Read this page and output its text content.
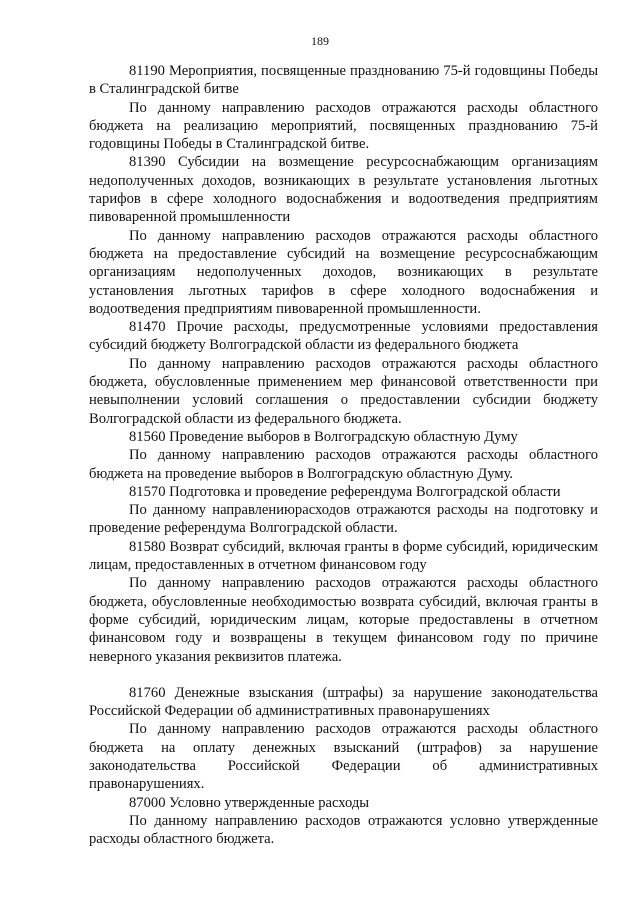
189

81190 Мероприятия, посвященные празднованию 75-й годовщины Победы в Сталинградской битве

По данному направлению расходов отражаются расходы областного бюджета на реализацию мероприятий, посвященных празднованию 75-й годовщины Победы в Сталинградской битве.

81390 Субсидии на возмещение ресурсоснабжающим организациям недополученных доходов, возникающих в результате установления льготных тарифов в сфере холодного водоснабжения и водоотведения предприятиям пивоваренной промышленности

По данному направлению расходов отражаются расходы областного бюджета на предоставление субсидий на возмещение ресурсоснабжающим организациям недополученных доходов, возникающих в результате установления льготных тарифов в сфере холодного водоснабжения и водоотведения предприятиям пивоваренной промышленности.

81470 Прочие расходы, предусмотренные условиями предоставления субсидий бюджету Волгоградской области из федерального бюджета

По данному направлению расходов отражаются расходы областного бюджета, обусловленные применением мер финансовой ответственности при невыполнении условий соглашения о предоставлении субсидии бюджету Волгоградской области из федерального бюджета.

81560 Проведение выборов в Волгоградскую областную Думу

По данному направлению расходов отражаются расходы областного бюджета на проведение выборов в Волгоградскую областную Думу.

81570 Подготовка и проведение референдума Волгоградской области

По данному направлениюрасходов отражаются расходы на подготовку и проведение референдума Волгоградской области.

81580 Возврат субсидий, включая гранты в форме субсидий, юридическим лицам, предоставленных в отчетном финансовом году

По данному направлению расходов отражаются расходы областного бюджета, обусловленные необходимостью возврата субсидий, включая гранты в форме субсидий, юридическим лицам, которые предоставлены в отчетном финансовом году и возвращены в текущем финансовом году по причине неверного указания реквизитов платежа.

81760 Денежные взыскания (штрафы) за нарушение законодательства Российской Федерации об административных правонарушениях

По данному направлению расходов отражаются расходы областного бюджета на оплату денежных взысканий (штрафов) за нарушение законодательства Российской Федерации об административных правонарушениях.

87000 Условно утвержденные расходы

По данному направлению расходов отражаются условно утвержденные расходы областного бюджета.
